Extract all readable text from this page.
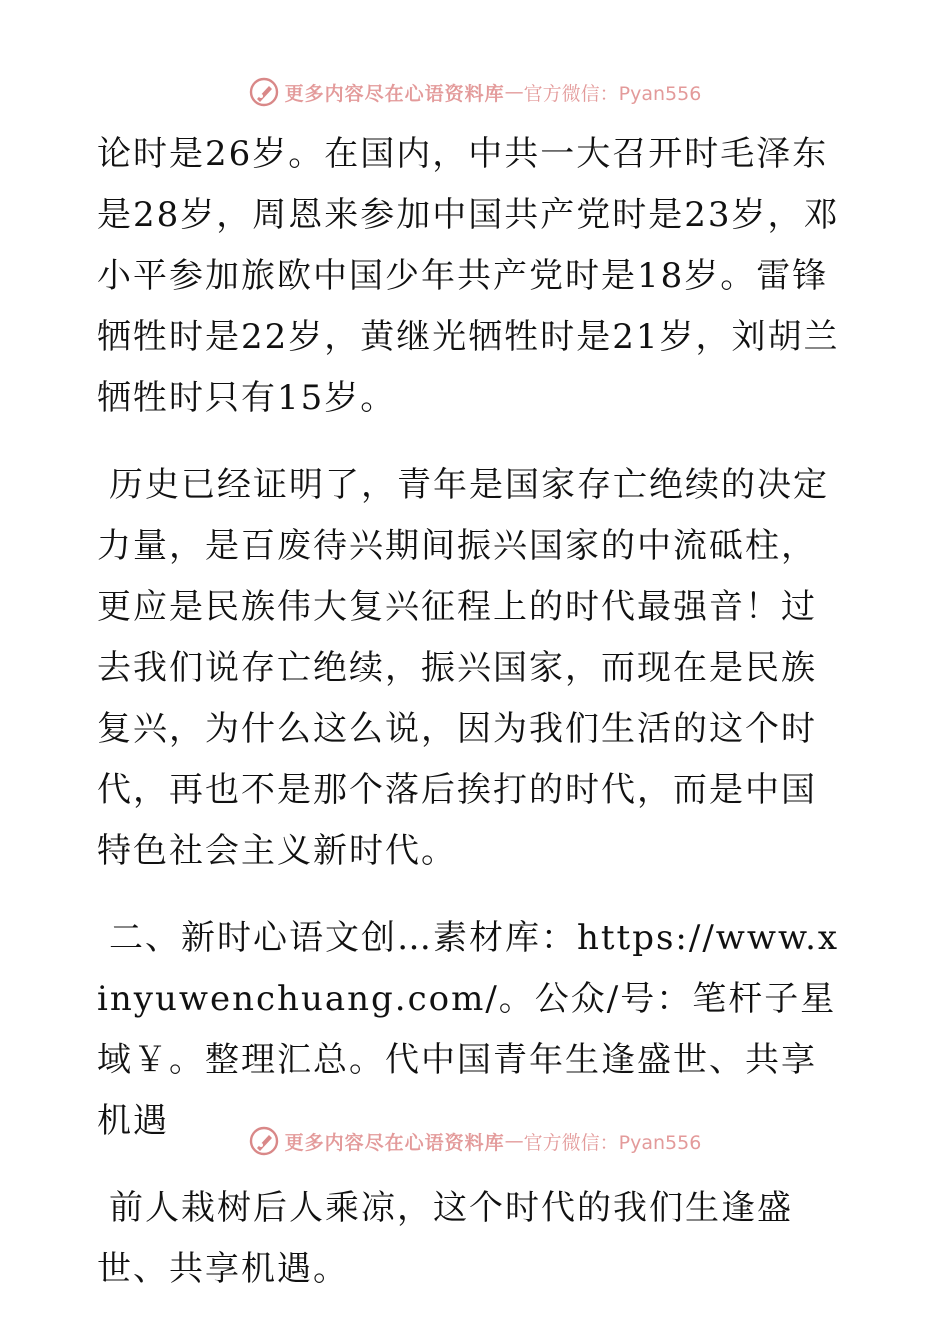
更多内容尽在心语资料库 — 官方微信：Pyan556

论时是26岁。在国内，中共一大召开时毛泽东是28岁，周恩来参加中国共产党时是23岁，邓小平参加旅欧中国少年共产党时是18岁。雷锋牺牲时是22岁，黄继光牺牲时是21岁，刘胡兰牺牲时只有15岁。

历史已经证明了，青年是国家存亡绝续的决定力量，是百废待兴期间振兴国家的中流砥柱，更应是民族伟大复兴征程上的时代最强音！过去我们说存亡绝续，振兴国家，而现在是民族复兴，为什么这么说，因为我们生活的这个时代，再也不是那个落后挨打的时代，而是中国特色社会主义新时代。

二、新时心语文创…素材库：https://www.xinyuwenchuang.com/。公众/号：笔杆子星域￥。整理汇总。代中国青年生逢盛世、共享机遇

前人栽树后人乘凉，这个时代的我们生逢盛世、共享机遇。

更多内容尽在心语资料库 — 官方微信：Pyan556
